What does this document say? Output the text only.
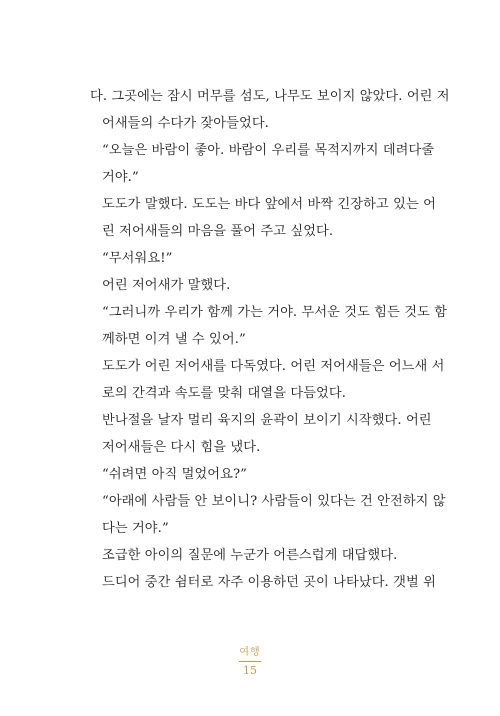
다. 그곳에는 잠시 머무를 섬도, 나무도 보이지 않았다. 어린 저
어새들의 수다가 잦아들었다.
“오늘은 바람이 좋아. 바람이 우리를 목적지까지 데려다줄
거야.”
도도가 말했다. 도도는 바다 앞에서 바짝 긴장하고 있는 어
린 저어새들의 마음을 풀어 주고 싶었다.
“무서워요!”
어린 저어새가 말했다.
“그러니까 우리가 함께 가는 거야. 무서운 것도 힘든 것도 함
께하면 이겨 낼 수 있어.”
도도가 어린 저어새를 다독였다. 어린 저어새들은 어느새 서
로의 간격과 속도를 맞춰 대열을 다듬었다.
반나절을 날자 멀리 육지의 윤곽이 보이기 시작했다. 어린
저어새들은 다시 힘을 냈다.
“쉬려면 아직 멀었어요?”
“아래에 사람들 안 보이니? 사람들이 있다는 건 안전하지 않
다는 거야.”
조급한 아이의 질문에 누군가 어른스럽게 대답했다.
드디어 중간 쉼터로 자주 이용하던 곳이 나타났다. 갯벌 위
여행
15
